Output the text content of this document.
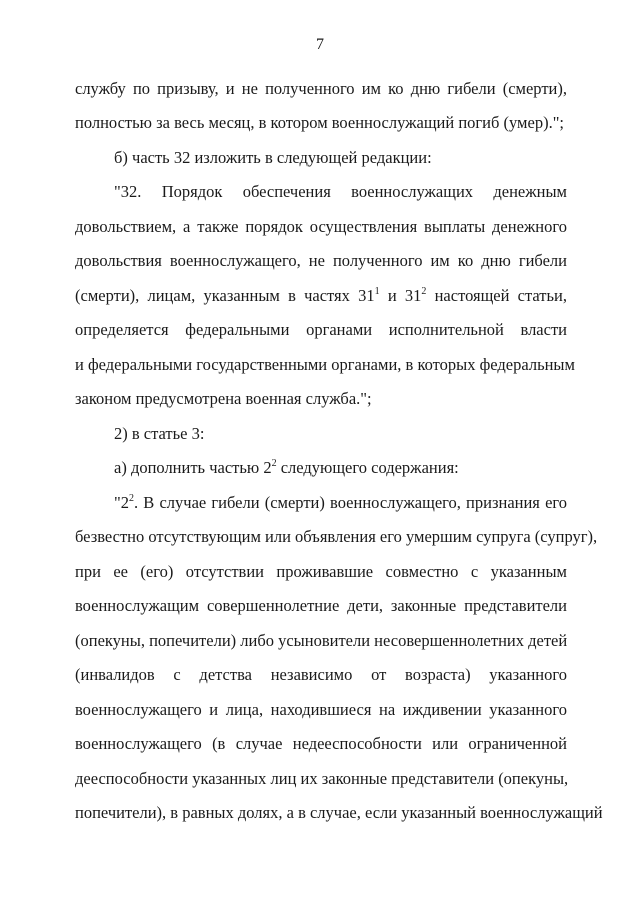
7
службу по призыву, и не полученного им ко дню гибели (смерти),
полностью за весь месяц, в котором военнослужащий погиб (умер).";
б) часть 32 изложить в следующей редакции:
"32. Порядок обеспечения военнослужащих денежным
довольствием, а также порядок осуществления выплаты денежного
довольствия военнослужащего, не полученного им ко дню гибели
(смерти), лицам, указанным в частях $31^1$ и $31^2$ настоящей статьи,
определяется федеральными органами исполнительной власти
и федеральными государственными органами, в которых федеральным
законом предусмотрена военная служба.";
2) в статье 3:
а) дополнить частью $2^2$ следующего содержания:
"$2^2$. В случае гибели (смерти) военнослужащего, признания его
безвестно отсутствующим или объявления его умершим супруга (супруг),
при ее (его) отсутствии проживавшие совместно с указанным
военнослужащим совершеннолетние дети, законные представители
(опекуны, попечители) либо усыновители несовершеннолетних детей
(инвалидов с детства независимо от возраста) указанного
военнослужащего и лица, находившиеся на иждивении указанного
военнослужащего (в случае недееспособности или ограниченной
дееспособности указанных лиц их законные представители (опекуны,
попечители), в равных долях, а в случае, если указанный военнослужащий
